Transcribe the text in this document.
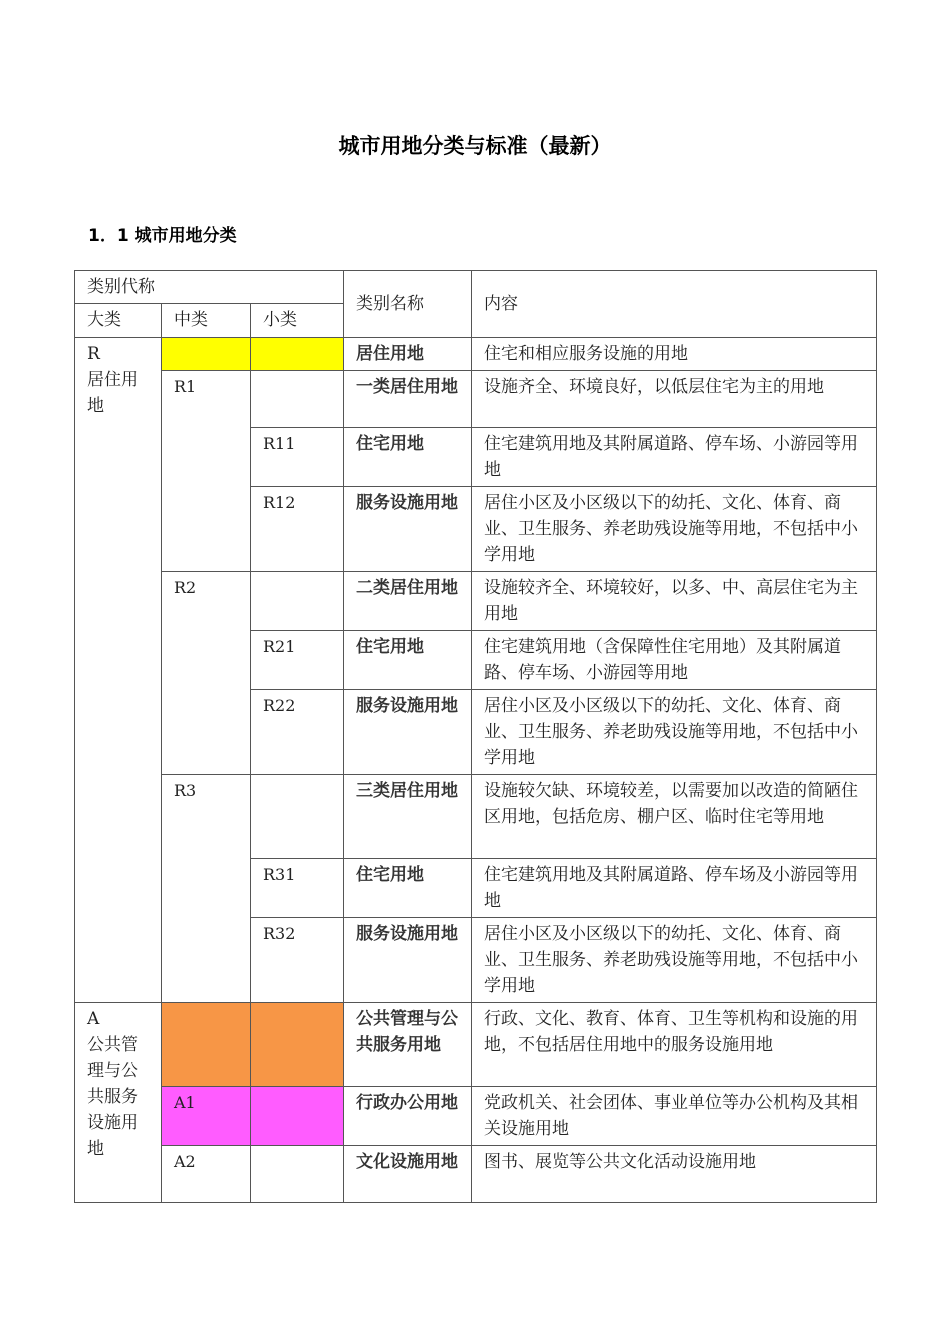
城市用地分类与标准（最新）
1．1 城市用地分类
类别代称			类别名称	内容
大类	中类	小类		

R
居住用地			居住用地	住宅和相应服务设施的用地
	R1		一类居住用地	设施齐全、环境良好，以低层住宅为主的用地
		R11	住宅用地	住宅建筑用地及其附属道路、停车场、小游园等用地
		R12	服务设施用地	居住小区及小区级以下的幼托、文化、体育、商业、卫生服务、养老助残设施等用地，不包括中小学用地
	R2		二类居住用地	设施较齐全、环境较好，以多、中、高层住宅为主用地
		R21	住宅用地	住宅建筑用地（含保障性住宅用地）及其附属道路、停车场、小游园等用地
		R22	服务设施用地	居住小区及小区级以下的幼托、文化、体育、商业、卫生服务、养老助残设施等用地，不包括中小学用地
	R3		三类居住用地	设施较欠缺、环境较差，以需要加以改造的简陋住区用地，包括危房、棚户区、临时住宅等用地
		R31	住宅用地	住宅建筑用地及其附属道路、停车场及小游园等用地
		R32	服务设施用地	居住小区及小区级以下的幼托、文化、体育、商业、卫生服务、养老助残设施等用地，不包括中小学用地

A
公共管理与公共服务设施用地			公共管理与公共服务用地	行政、文化、教育、体育、卫生等机构和设施的用地，不包括居住用地中的服务设施用地
	A1		行政办公用地	党政机关、社会团体、事业单位等办公机构及其相关设施用地
	A2		文化设施用地	图书、展览等公共文化活动设施用地
